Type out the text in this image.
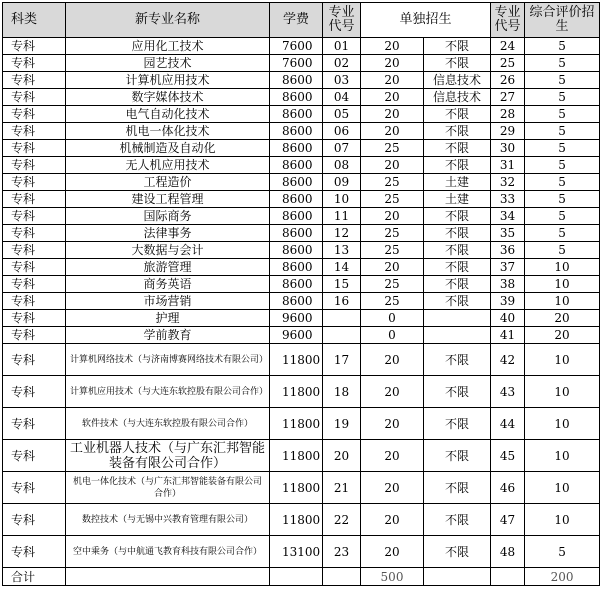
科类	新专业名称	学费	专业代号	单独招生		专业代号	综合评价招生
专科	应用化工技术	7600	01	20	不限	24	5
专科	园艺技术	7600	02	20	不限	25	5
专科	计算机应用技术	8600	03	20	信息技术	26	5
专科	数字媒体技术	8600	04	20	信息技术	27	5
专科	电气自动化技术	8600	05	20	不限	28	5
专科	机电一体化技术	8600	06	20	不限	29	5
专科	机械制造及自动化	8600	07	25	不限	30	5
专科	无人机应用技术	8600	08	20	不限	31	5
专科	工程造价	8600	09	25	土建	32	5
专科	建设工程管理	8600	10	25	土建	33	5
专科	国际商务	8600	11	20	不限	34	5
专科	法律事务	8600	12	25	不限	35	5
专科	大数据与会计	8600	13	25	不限	36	5
专科	旅游管理	8600	14	20	不限	37	10
专科	商务英语	8600	15	25	不限	38	10
专科	市场营销	8600	16	25	不限	39	10
专科	护理	9600		0		40	20
专科	学前教育	9600		0		41	20
专科	计算机网络技术（与济南博赛网络技术有限公司）	11800	17	20	不限	42	10
专科	计算机应用技术（与大连东软控股有限公司合作）	11800	18	20	不限	43	10
专科	软件技术（与大连东软控股有限公司合作）	11800	19	20	不限	44	10
专科	工业机器人技术（与广东汇邦智能装备有限公司合作）	11800	20	20	不限	45	10
专科	机电一体化技术（与广东汇邦智能装备有限公司合作）	11800	21	20	不限	46	10
专科	数控技术（与无锡中兴教育管理有限公司）	11800	22	20	不限	47	10
专科	空中乘务（与中航通飞教育科技有限公司合作）	13100	23	20	不限	48	5
合计				500			200
